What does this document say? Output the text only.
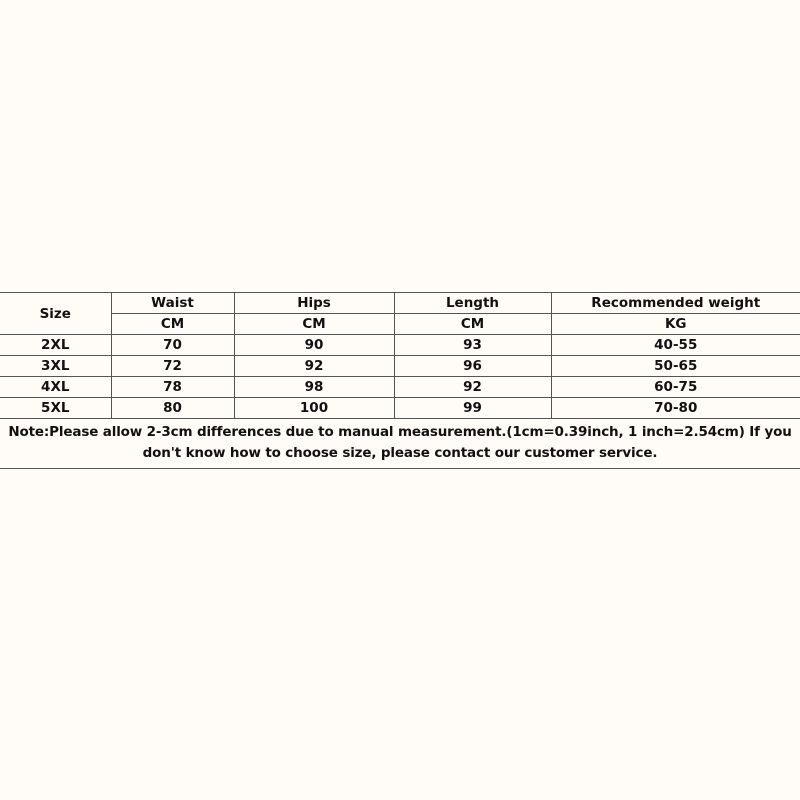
Size	Waist	Hips	Length	Recommended weight
	CM	CM	CM	KG
2XL	70	90	93	40-55
3XL	72	92	96	50-65
4XL	78	98	92	60-75
5XL	80	100	99	70-80
Note:Please allow 2-3cm differences due to manual measurement.(1cm=0.39inch, 1 inch=2.54cm) If you don't know how to choose size, please contact our customer service.				
